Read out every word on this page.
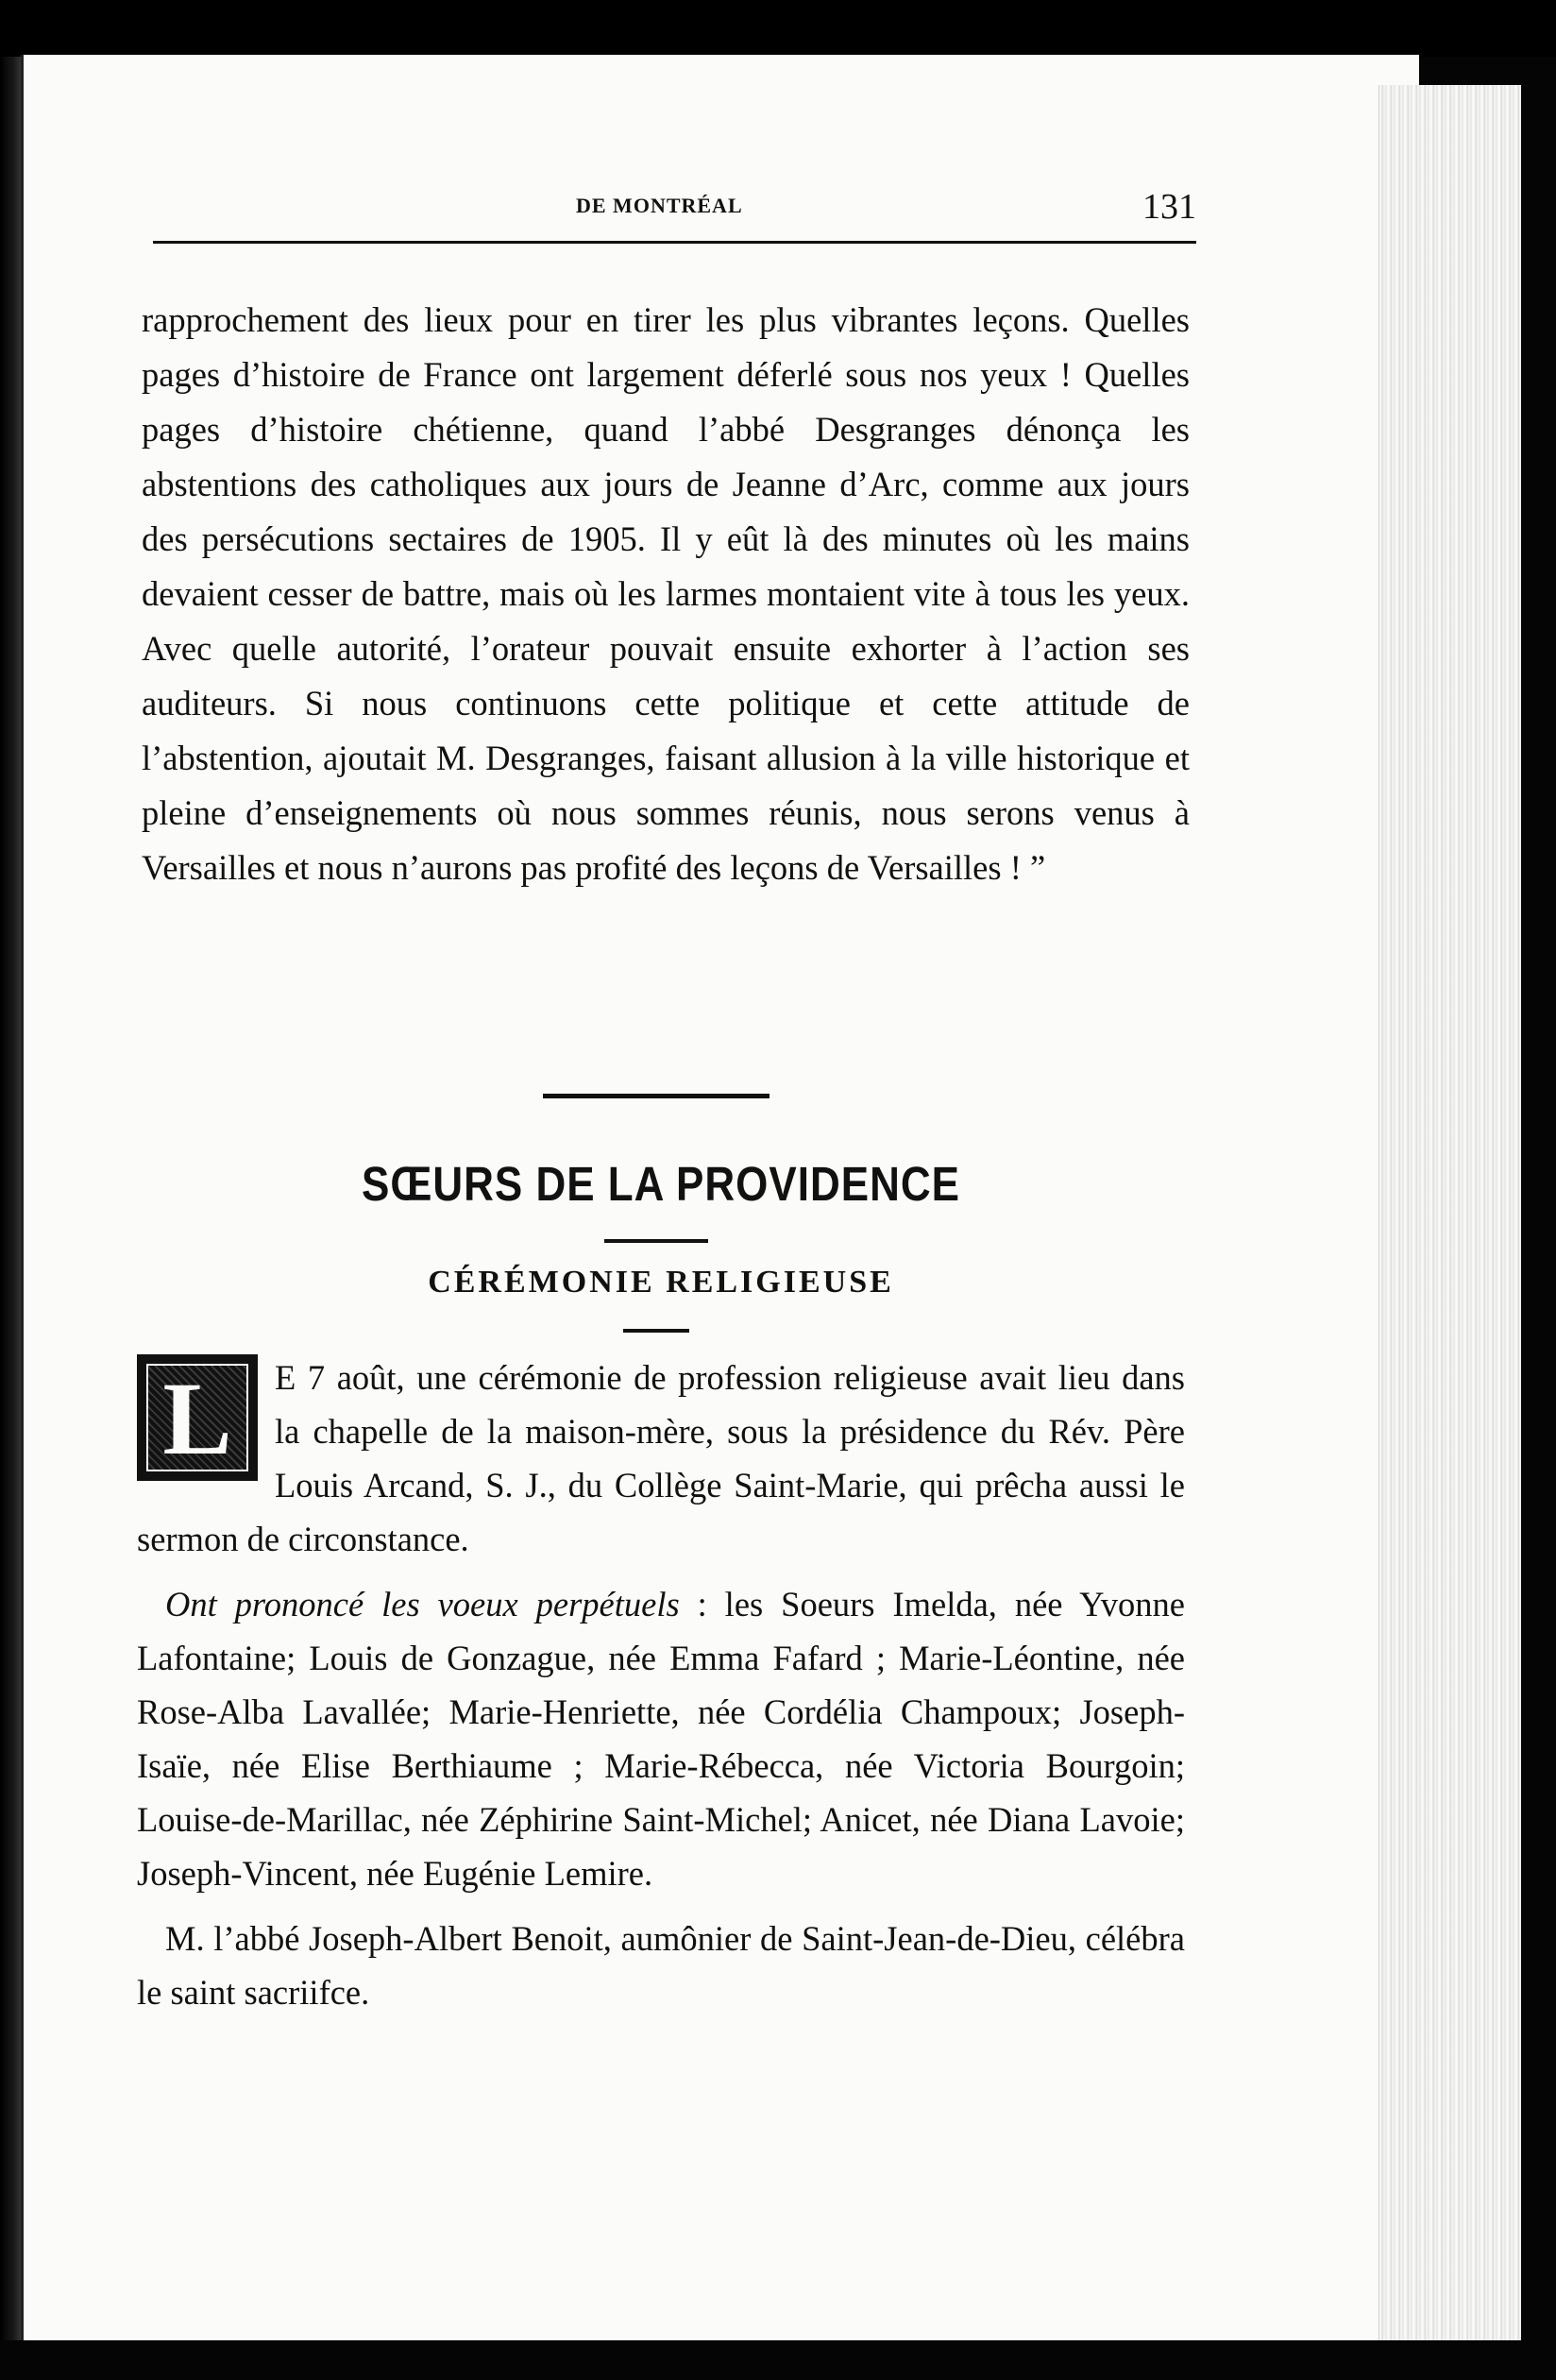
DE MONTRÉAL	131
rapprochement des lieux pour en tirer les plus vibrantes leçons. Quelles pages d’histoire de France ont largement déferlé sous nos yeux ! Quelles pages d’histoire chétienne, quand l’abbé Desgranges dénonça les abstentions des catholiques aux jours de Jeanne d’Arc, comme aux jours des persécutions sectaires de 1905. Il y eût là des minutes où les mains devaient cesser de battre, mais où les larmes montaient vite à tous les yeux. Avec quelle autorité, l’orateur pouvait ensuite exhorter à l’action ses auditeurs. Si nous continuons cette politique et cette attitude de l’abstention, ajoutait M. Desgranges, faisant allusion à la ville historique et pleine d’enseignements où nous sommes réunis, nous serons venus à Versailles et nous n’aurons pas profité des leçons de Versailles ! ”
SŒURS DE LA PROVIDENCE
CÉRÉMONIE RELIGIEUSE

L	E 7 août, une cérémonie de profession religieuse avait lieu dans la chapelle de la maison-mère, sous la présidence du Rév. Père Louis Arcand, S. J., du Collège Saint-Marie, qui prêcha aussi le sermon de circonstance.

Ont prononcé les voeux perpétuels : les Soeurs Imelda, née Yvonne Lafontaine; Louis de Gonzague, née Emma Fafard ; Marie-Léontine, née Rose-Alba Lavallée; Marie-Henriette, née Cordélia Champoux; Joseph-Isaïe, née Elise Berthiaume ; Marie-Rébecca, née Victoria Bourgoin; Louise-de-Marillac, née Zéphirine Saint-Michel; Anicet, née Diana Lavoie; Joseph-Vincent, née Eugénie Lemire.

M. l’abbé Joseph-Albert Benoit, aumônier de Saint-Jean-de-Dieu, célébra le saint sacriifce.
